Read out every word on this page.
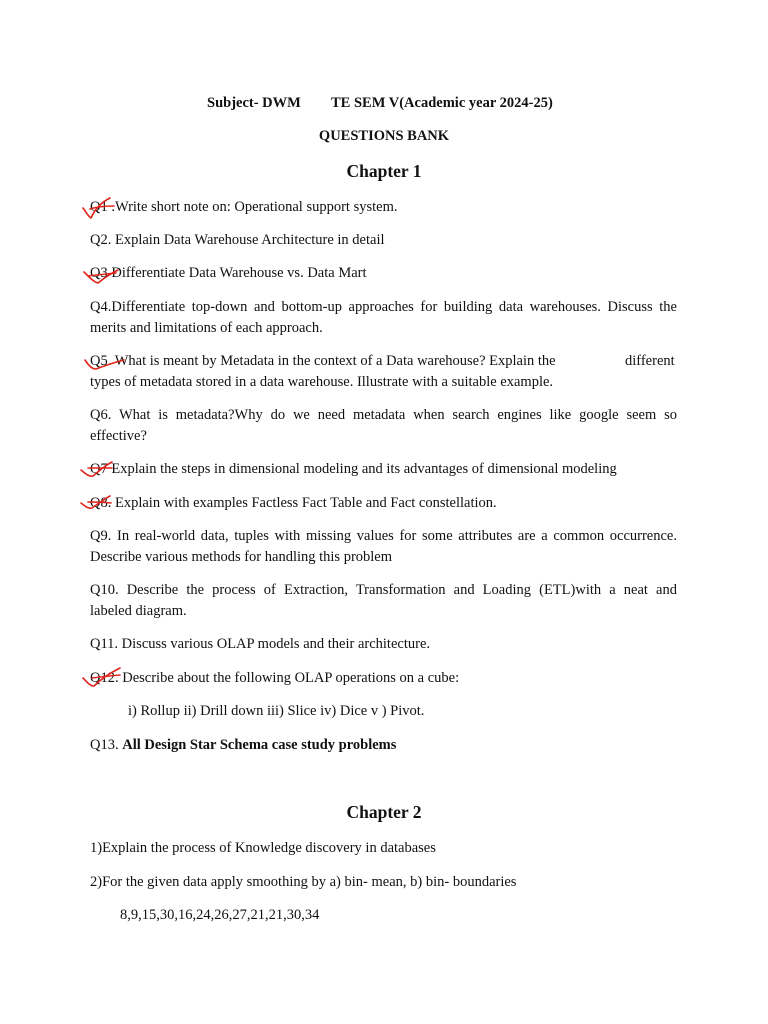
Subject- DWM TE SEM V(Academic year 2024-25)
QUESTIONS BANK
Chapter 1
Q1 .Write short note on: Operational support system.
Q2. Explain Data Warehouse Architecture in detail
Q3 Differentiate Data Warehouse vs. Data Mart
Q4.Differentiate top-down and bottom-up approaches for building data warehouses. Discuss the
merits and limitations of each approach.
Q5. What is meant by Metadata in the context of a Data warehouse? Explain the	different
types of metadata stored in a data warehouse. Illustrate with a suitable example.
Q6. What is metadata?Why do we need metadata when search engines like google seem so
effective?
Q7 Explain the steps in dimensional modeling and its advantages of dimensional modeling
Q8. Explain with examples Factless Fact Table and Fact constellation.
Q9. In real-world data, tuples with missing values for some attributes are a common occurrence.
Describe various methods for handling this problem
Q10. Describe the process of Extraction, Transformation and Loading (ETL)with a neat and
labeled diagram.
Q11. Discuss various OLAP models and their architecture.
Q12. Describe about the following OLAP operations on a cube:
i) Rollup ii) Drill down iii) Slice iv) Dice v ) Pivot.
Q13. All Design Star Schema case study problems
Chapter 2
1)Explain the process of Knowledge discovery in databases
2)For the given data apply smoothing by a) bin- mean, b) bin- boundaries
8,9,15,30,16,24,26,27,21,21,30,34
